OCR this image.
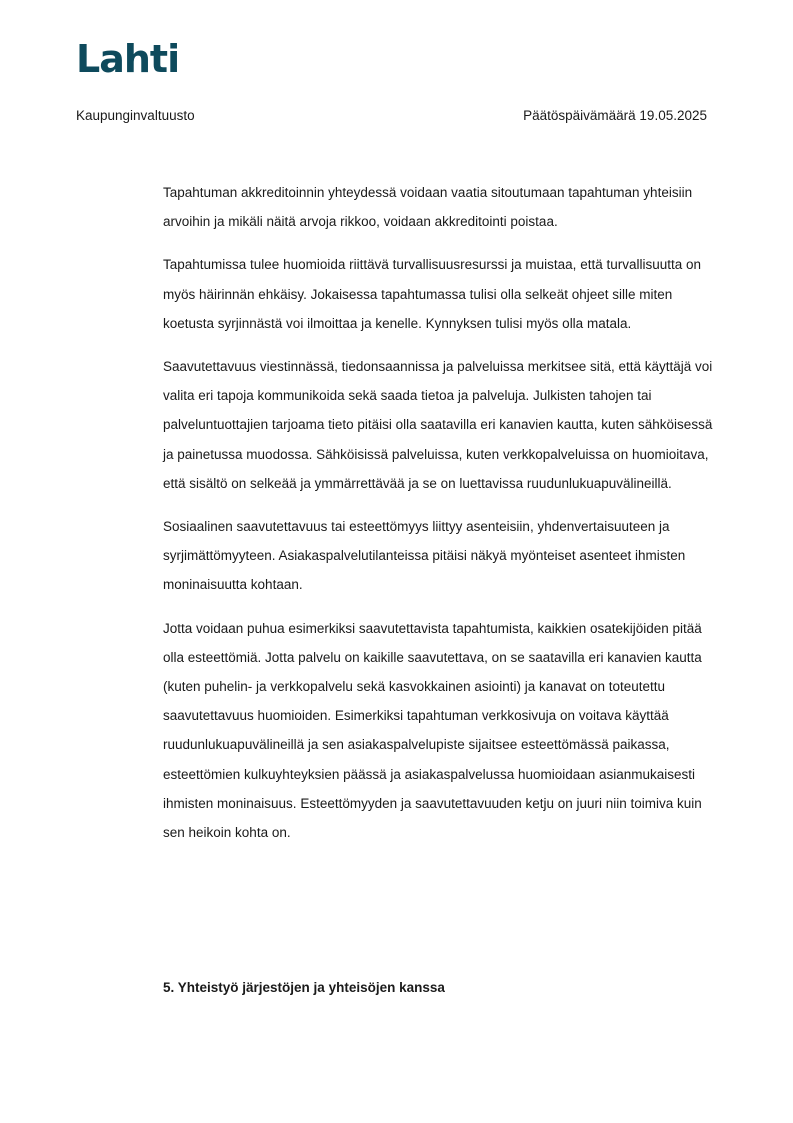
Lahti
Kaupunginvaltuusto	Päätöspäivämäärä 19.05.2025

Tapahtuman akkreditoinnin yhteydessä voidaan vaatia sitoutumaan tapahtuman yhteisiin arvoihin ja mikäli näitä arvoja rikkoo, voidaan akkreditointi poistaa.

Tapahtumissa tulee huomioida riittävä turvallisuusresurssi ja muistaa, että turvallisuutta on myös häirinnän ehkäisy. Jokaisessa tapahtumassa tulisi olla selkeät ohjeet sille miten koetusta syrjinnästä voi ilmoittaa ja kenelle. Kynnyksen tulisi myös olla matala.

Saavutettavuus viestinnässä, tiedonsaannissa ja palveluissa merkitsee sitä, että käyttäjä voi valita eri tapoja kommunikoida sekä saada tietoa ja palveluja. Julkisten tahojen tai palveluntuottajien tarjoama tieto pitäisi olla saatavilla eri kanavien kautta, kuten sähköisessä ja painetussa muodossa. Sähköisissä palveluissa, kuten verkkopalveluissa on huomioitava, että sisältö on selkeää ja ymmärrettävää ja se on luettavissa ruudunlukuapuvälineillä.

Sosiaalinen saavutettavuus tai esteettömyys liittyy asenteisiin, yhdenvertaisuuteen ja syrjimättömyyteen. Asiakaspalvelutilanteissa pitäisi näkyä myönteiset asenteet ihmisten moninaisuutta kohtaan.

Jotta voidaan puhua esimerkiksi saavutettavista tapahtumista, kaikkien osatekijöiden pitää olla esteettömiä. Jotta palvelu on kaikille saavutettava, on se saatavilla eri kanavien kautta (kuten puhelin- ja verkkopalvelu sekä kasvokkainen asiointi) ja kanavat on toteutettu saavutettavuus huomioiden. Esimerkiksi tapahtuman verkkosivuja on voitava käyttää ruudunlukuapuvälineillä ja sen asiakaspalvelupiste sijaitsee esteettömässä paikassa, esteettömien kulkuyhteyksien päässä ja asiakaspalvelussa huomioidaan asianmukaisesti ihmisten moninaisuus. Esteettömyyden ja saavutettavuuden ketju on juuri niin toimiva kuin sen heikoin kohta on.

5. Yhteistyö järjestöjen ja yhteisöjen kanssa
